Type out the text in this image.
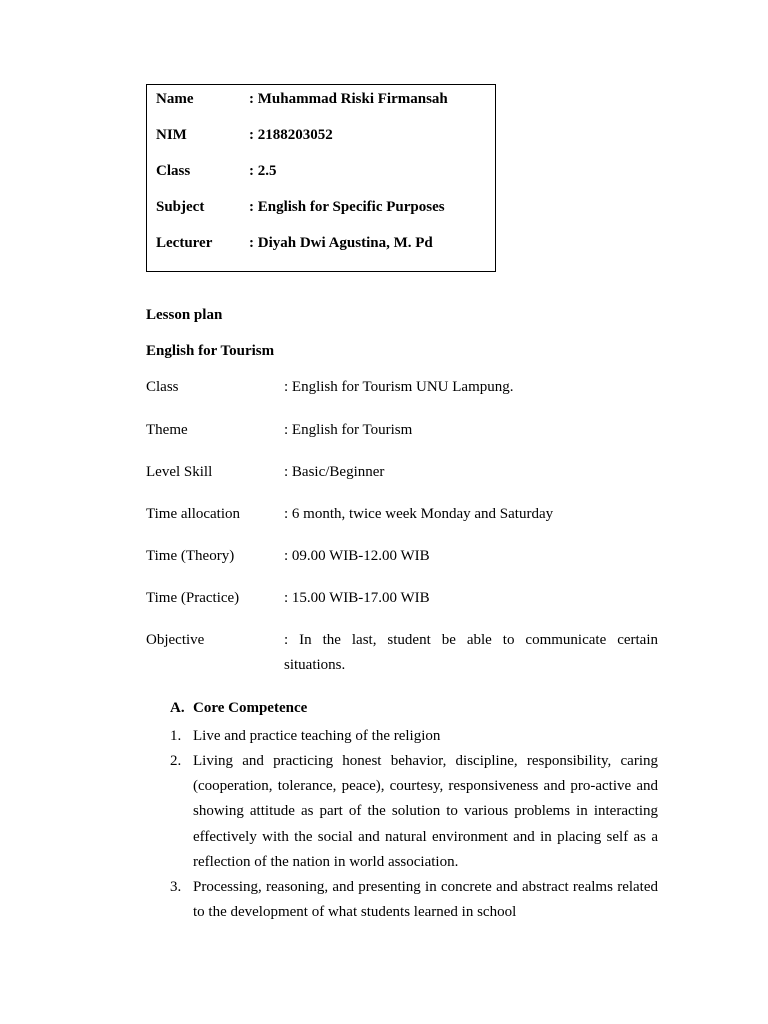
Name	: Muhammad Riski Firmansah
NIM	: 2188203052
Class	: 2.5
Subject	: English for Specific Purposes
Lecturer : Diyah Dwi Agustina, M. Pd
Lesson plan
English for Tourism
Class	: English for Tourism UNU Lampung.
Theme	: English for Tourism
Level Skill	: Basic/Beginner
Time allocation	: 6 month, twice week Monday and Saturday
Time (Theory)	: 09.00 WIB-12.00 WIB
Time (Practice)	: 15.00 WIB-17.00 WIB
Objective	: In the last, student be able to communicate certain
situations.
A. Core Competence
1. Live and practice teaching of the religion
2. Living and practicing honest behavior, discipline, responsibility, caring (cooperation, tolerance, peace), courtesy, responsiveness and pro-active and showing attitude as part of the solution to various problems in interacting effectively with the social and natural environment and in placing self as a reflection of the nation in world association.
3. Processing, reasoning, and presenting in concrete and abstract realms related to the development of what students learned in school
